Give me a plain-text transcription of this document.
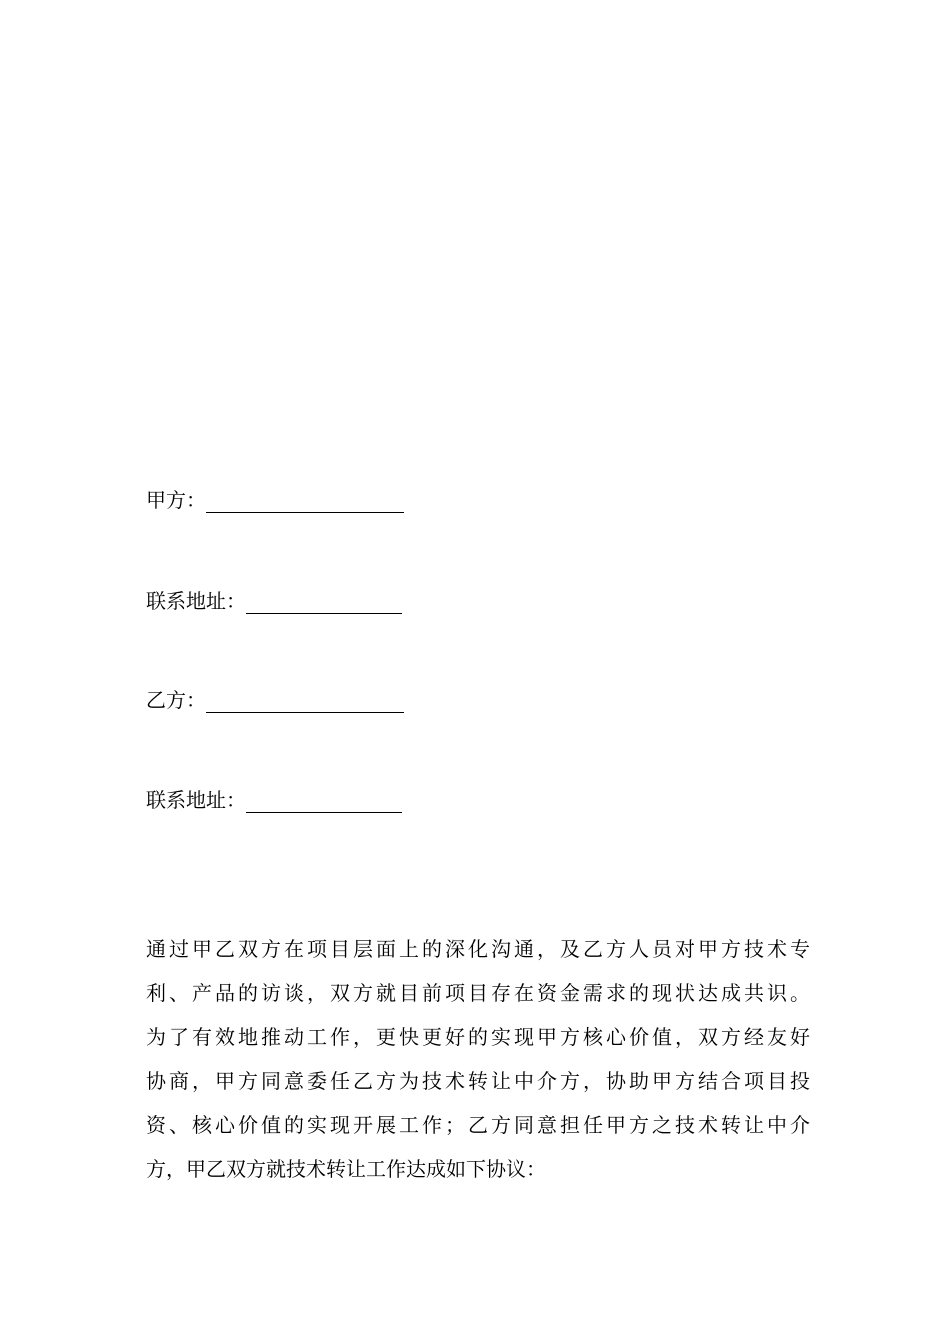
甲方：
联系地址：
乙方：
联系地址：
通过甲乙双方在项目层面上的深化沟通，及乙方人员对甲方技术专
利、产品的访谈，双方就目前项目存在资金需求的现状达成共识。
为了有效地推动工作，更快更好的实现甲方核心价值，双方经友好
协商，甲方同意委任乙方为技术转让中介方，协助甲方结合项目投
资、核心价值的实现开展工作；乙方同意担任甲方之技术转让中介
方，甲乙双方就技术转让工作达成如下协议：
